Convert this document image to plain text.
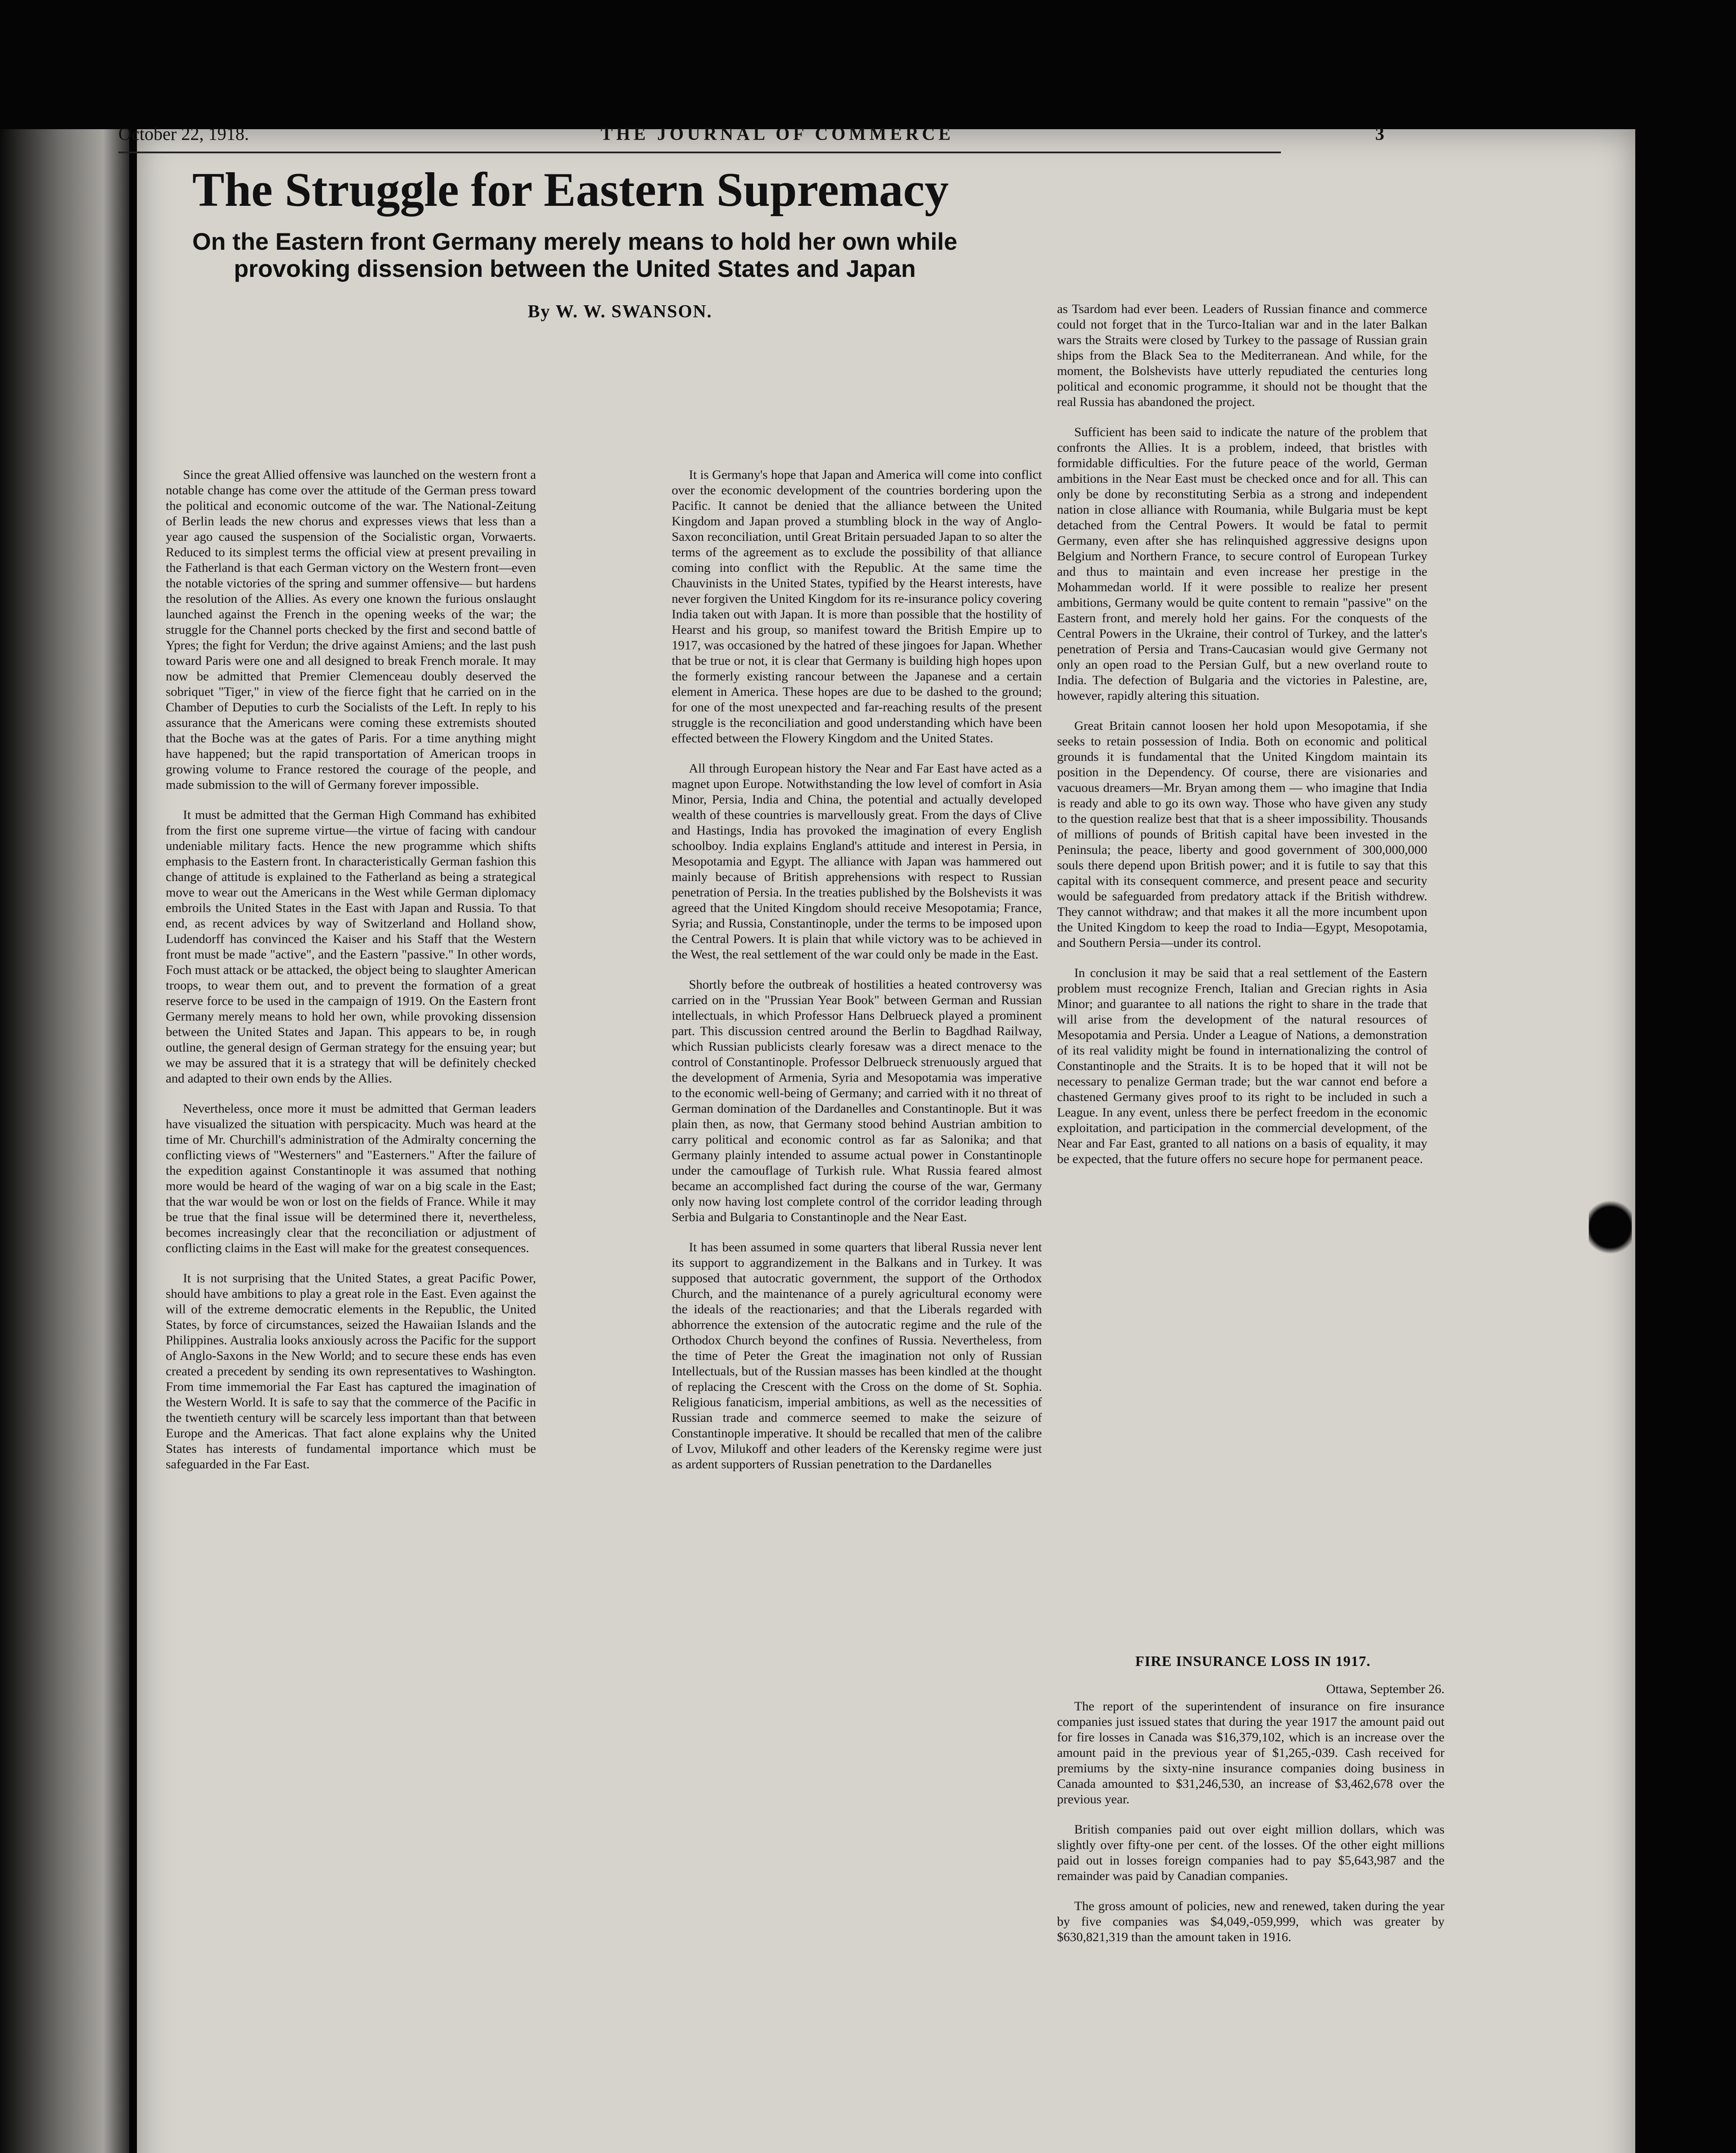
October 22, 1918.	THE JOURNAL OF COMMERCE	3
The Struggle for Eastern Supremacy
On the Eastern front Germany merely means to hold her own while provoking dissension between the United States and Japan
By W. W. SWANSON.

Since the great Allied offensive was launched on the western front a notable change has come over the attitude of the German press toward the political and economic outcome of the war. The National-Zeitung of Berlin leads the new chorus and expresses views that less than a year ago caused the suspension of the Socialistic organ, Vorwaerts. Reduced to its simplest terms the official view at present prevailing in the Fatherland is that each German victory on the Western front—even the notable victories of the spring and summer offensive— but hardens the resolution of the Allies. As every one known the furious onslaught launched against the French in the opening weeks of the war; the struggle for the Channel ports checked by the first and second battle of Ypres; the fight for Verdun; the drive against Amiens; and the last push toward Paris were one and all designed to break French morale. It may now be admitted that Premier Clemenceau doubly deserved the sobriquet "Tiger," in view of the fierce fight that he carried on in the Chamber of Deputies to curb the Socialists of the Left. In reply to his assurance that the Americans were coming these extremists shouted that the Boche was at the gates of Paris. For a time anything might have happened; but the rapid transportation of American troops in growing volume to France restored the courage of the people, and made submission to the will of Germany forever impossible.

It must be admitted that the German High Command has exhibited from the first one supreme virtue—the virtue of facing with candour undeniable military facts. Hence the new programme which shifts emphasis to the Eastern front. In characteristically German fashion this change of attitude is explained to the Fatherland as being a strategical move to wear out the Americans in the West while German diplomacy embroils the United States in the East with Japan and Russia. To that end, as recent advices by way of Switzerland and Holland show, Ludendorff has convinced the Kaiser and his Staff that the Western front must be made "active", and the Eastern "passive." In other words, Foch must attack or be attacked, the object being to slaughter American troops, to wear them out, and to prevent the formation of a great reserve force to be used in the campaign of 1919. On the Eastern front Germany merely means to hold her own, while provoking dissension between the United States and Japan. This appears to be, in rough outline, the general design of German strategy for the ensuing year; but we may be assured that it is a strategy that will be definitely checked and adapted to their own ends by the Allies.

Nevertheless, once more it must be admitted that German leaders have visualized the situation with perspicacity. Much was heard at the time of Mr. Churchill's administration of the Admiralty concerning the conflicting views of "Westerners" and "Easterners." After the failure of the expedition against Constantinople it was assumed that nothing more would be heard of the waging of war on a big scale in the East; that the war would be won or lost on the fields of France. While it may be true that the final issue will be determined there it, nevertheless, becomes increasingly clear that the reconciliation or adjustment of conflicting claims in the East will make for the greatest consequences.

It is not surprising that the United States, a great Pacific Power, should have ambitions to play a great role in the East. Even against the will of the extreme democratic elements in the Republic, the United States, by force of circumstances, seized the Hawaiian Islands and the Philippines. Australia looks anxiously across the Pacific for the support of Anglo-Saxons in the New World; and to secure these ends has even created a precedent by sending its own representatives to Washington. From time immemorial the Far East has captured the imagination of the Western World. It is safe to say that the commerce of the Pacific in the twentieth century will be scarcely less important than that between Europe and the Americas. That fact alone explains why the United States has interests of fundamental importance which must be safeguarded in the Far East.

It is Germany's hope that Japan and America will come into conflict over the economic development of the countries bordering upon the Pacific. It cannot be denied that the alliance between the United Kingdom and Japan proved a stumbling block in the way of Anglo-Saxon reconciliation, until Great Britain persuaded Japan to so alter the terms of the agreement as to exclude the possibility of that alliance coming into conflict with the Republic. At the same time the Chauvinists in the United States, typified by the Hearst interests, have never forgiven the United Kingdom for its re-insurance policy covering India taken out with Japan. It is more than possible that the hostility of Hearst and his group, so manifest toward the British Empire up to 1917, was occasioned by the hatred of these jingoes for Japan. Whether that be true or not, it is clear that Germany is building high hopes upon the formerly existing rancour between the Japanese and a certain element in America. These hopes are due to be dashed to the ground; for one of the most unexpected and far-reaching results of the present struggle is the reconciliation and good understanding which have been effected between the Flowery Kingdom and the United States.

All through European history the Near and Far East have acted as a magnet upon Europe. Notwithstanding the low level of comfort in Asia Minor, Persia, India and China, the potential and actually developed wealth of these countries is marvellously great. From the days of Clive and Hastings, India has provoked the imagination of every English schoolboy. India explains England's attitude and interest in Persia, in Mesopotamia and Egypt. The alliance with Japan was hammered out mainly because of British apprehensions with respect to Russian penetration of Persia. In the treaties published by the Bolshevists it was agreed that the United Kingdom should receive Mesopotamia; France, Syria; and Russia, Constantinople, under the terms to be imposed upon the Central Powers. It is plain that while victory was to be achieved in the West, the real settlement of the war could only be made in the East.

Shortly before the outbreak of hostilities a heated controversy was carried on in the "Prussian Year Book" between German and Russian intellectuals, in which Professor Hans Delbrueck played a prominent part. This discussion centred around the Berlin to Bagdhad Railway, which Russian publicists clearly foresaw was a direct menace to the control of Constantinople. Professor Delbrueck strenuously argued that the development of Armenia, Syria and Mesopotamia was imperative to the economic well-being of Germany; and carried with it no threat of German domination of the Dardanelles and Constantinople. But it was plain then, as now, that Germany stood behind Austrian ambition to carry political and economic control as far as Salonika; and that Germany plainly intended to assume actual power in Constantinople under the camouflage of Turkish rule. What Russia feared almost became an accomplished fact during the course of the war, Germany only now having lost complete control of the corridor leading through Serbia and Bulgaria to Constantinople and the Near East.

It has been assumed in some quarters that liberal Russia never lent its support to aggrandizement in the Balkans and in Turkey. It was supposed that autocratic government, the support of the Orthodox Church, and the maintenance of a purely agricultural economy were the ideals of the reactionaries; and that the Liberals regarded with abhorrence the extension of the autocratic regime and the rule of the Orthodox Church beyond the confines of Russia. Nevertheless, from the time of Peter the Great the imagination not only of Russian Intellectuals, but of the Russian masses has been kindled at the thought of replacing the Crescent with the Cross on the dome of St. Sophia. Religious fanaticism, imperial ambitions, as well as the necessities of Russian trade and commerce seemed to make the seizure of Constantinople imperative. It should be recalled that men of the calibre of Lvov, Milukoff and other leaders of the Kerensky regime were just as ardent supporters of Russian penetration to the Dardanelles

as Tsardom had ever been. Leaders of Russian finance and commerce could not forget that in the Turco-Italian war and in the later Balkan wars the Straits were closed by Turkey to the passage of Russian grain ships from the Black Sea to the Mediterranean. And while, for the moment, the Bolshevists have utterly repudiated the centuries long political and economic programme, it should not be thought that the real Russia has abandoned the project.

Sufficient has been said to indicate the nature of the problem that confronts the Allies. It is a problem, indeed, that bristles with formidable difficulties. For the future peace of the world, German ambitions in the Near East must be checked once and for all. This can only be done by reconstituting Serbia as a strong and independent nation in close alliance with Roumania, while Bulgaria must be kept detached from the Central Powers. It would be fatal to permit Germany, even after she has relinquished aggressive designs upon Belgium and Northern France, to secure control of European Turkey and thus to maintain and even increase her prestige in the Mohammedan world. If it were possible to realize her present ambitions, Germany would be quite content to remain "passive" on the Eastern front, and merely hold her gains. For the conquests of the Central Powers in the Ukraine, their control of Turkey, and the latter's penetration of Persia and Trans-Caucasian would give Germany not only an open road to the Persian Gulf, but a new overland route to India. The defection of Bulgaria and the victories in Palestine, are, however, rapidly altering this situation.

Great Britain cannot loosen her hold upon Mesopotamia, if she seeks to retain possession of India. Both on economic and political grounds it is fundamental that the United Kingdom maintain its position in the Dependency. Of course, there are visionaries and vacuous dreamers—Mr. Bryan among them — who imagine that India is ready and able to go its own way. Those who have given any study to the question realize best that that is a sheer impossibility. Thousands of millions of pounds of British capital have been invested in the Peninsula; the peace, liberty and good government of 300,000,000 souls there depend upon British power; and it is futile to say that this capital with its consequent commerce, and present peace and security would be safeguarded from predatory attack if the British withdrew. They cannot withdraw; and that makes it all the more incumbent upon the United Kingdom to keep the road to India—Egypt, Mesopotamia, and Southern Persia—under its control.

In conclusion it may be said that a real settlement of the Eastern problem must recognize French, Italian and Grecian rights in Asia Minor; and guarantee to all nations the right to share in the trade that will arise from the development of the natural resources of Mesopotamia and Persia. Under a League of Nations, a demonstration of its real validity might be found in internationalizing the control of Constantinople and the Straits. It is to be hoped that it will not be necessary to penalize German trade; but the war cannot end before a chastened Germany gives proof to its right to be included in such a League. In any event, unless there be perfect freedom in the economic exploitation, and participation in the commercial development, of the Near and Far East, granted to all nations on a basis of equality, it may be expected, that the future offers no secure hope for permanent peace.

FIRE INSURANCE LOSS IN 1917.

Ottawa, September 26.

The report of the superintendent of insurance on fire insurance companies just issued states that during the year 1917 the amount paid out for fire losses in Canada was $16,379,102, which is an increase over the amount paid in the previous year of $1,265,-039. Cash received for premiums by the sixty-nine insurance companies doing business in Canada amounted to $31,246,530, an increase of $3,462,678 over the previous year.

British companies paid out over eight million dollars, which was slightly over fifty-one per cent. of the losses. Of the other eight millions paid out in losses foreign companies had to pay $5,643,987 and the remainder was paid by Canadian companies.

The gross amount of policies, new and renewed, taken during the year by five companies was $4,049,-059,999, which was greater by $630,821,319 than the amount taken in 1916.
